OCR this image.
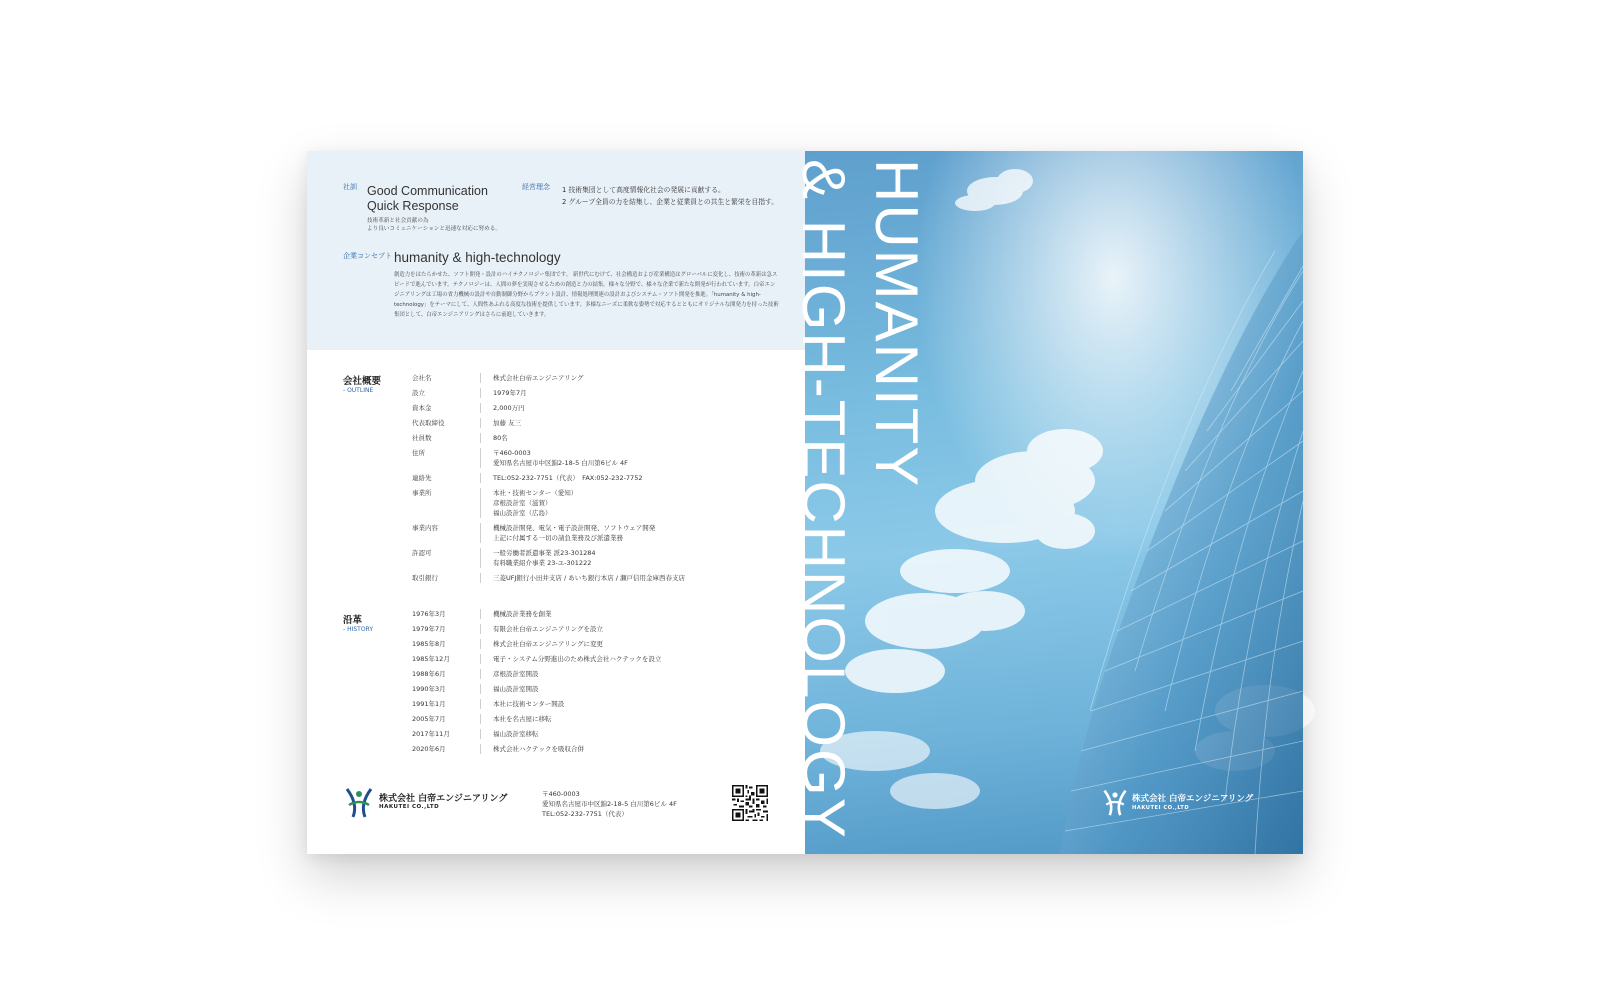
社訓 Good Communication
Quick Response
技術革新と社会貢献の為
より良いコミュニケーションと迅速な対応に努める。
経営理念 1 技術集団として高度情報化社会の発展に貢献する。
2 グループ全員の力を結集し、企業と従業員との共生と繁栄を目指す。
企業コンセプト humanity & high-technology
創造力をはたらかせた、ソフト開発・設計のハイテクノロジー集団です。 新世代にむけて、社会構造および産業構造はグローバルに変化し、技術の革新は急スピードで進んでいます。テクノロジーは、人間の夢を実現させるための創造と力の結集。様々な分野で、様々な企業で新たな開発が行われています。白帝エンジニアリングは工場の省力機械の設計や自動制御分野からプラント設計、情報処理関連の設計およびシステム・ソフト開発を推進。「humanity & high-technology」をテーマにして、人間性あふれる高度な技術を提供しています。多様なニーズに柔軟な姿勢で対応するとともにオリジナルな開発力を持った技術集団として、白帝エンジニアリングはさらに前進していきます。
会社概要
- OUTLINE
会社名	株式会社白帝エンジニアリング
設立	1979年7月
資本金	2,000万円
代表取締役	加藤 友三
社員数	80名
住所	〒460-0003
愛知県名古屋市中区錦2-18-5 白川第6ビル 4F
連絡先	TEL:052-232-7751（代表）　FAX:052-232-7752
事業所	本社・技術センター（愛知）
彦根設計室（滋賀）
福山設計室（広島）
事業内容	機械設計開発、電気・電子設計開発、ソフトウェア開発
上記に付属する一切の請負業務及び派遣業務
許認可	一般労働者派遣事業 派23-301284
有料職業紹介事業 23-ユ-301222
取引銀行	三菱UFJ銀行小田井支店 / あいち銀行本店 / 瀬戸信用金庫西春支店
沿革
- HISTORY
1976年3月	機械設計業務を創業
1979年7月	有限会社白帝エンジニアリングを設立
1985年8月	株式会社白帝エンジニアリングに変更
1985年12月	電子・システム分野進出のため株式会社ハクテックを設立
1988年6月	彦根設計室開設
1990年3月	福山設計室開設
1991年1月	本社に技術センター開設
2005年7月	本社を名古屋に移転
2017年11月	福山設計室移転
2020年6月	株式会社ハクテックを吸収合併
株式会社 白帝エンジニアリング
HAKUTEI CO.,LTD
〒460-0003
愛知県名古屋市中区錦2-18-5 白川第6ビル 4F
TEL:052-232-7751（代表）
HUMANITY
& HIGH-TECHNOLOGY	株式会社 白帝エンジニアリング
HAKUTEI CO.,LTD
